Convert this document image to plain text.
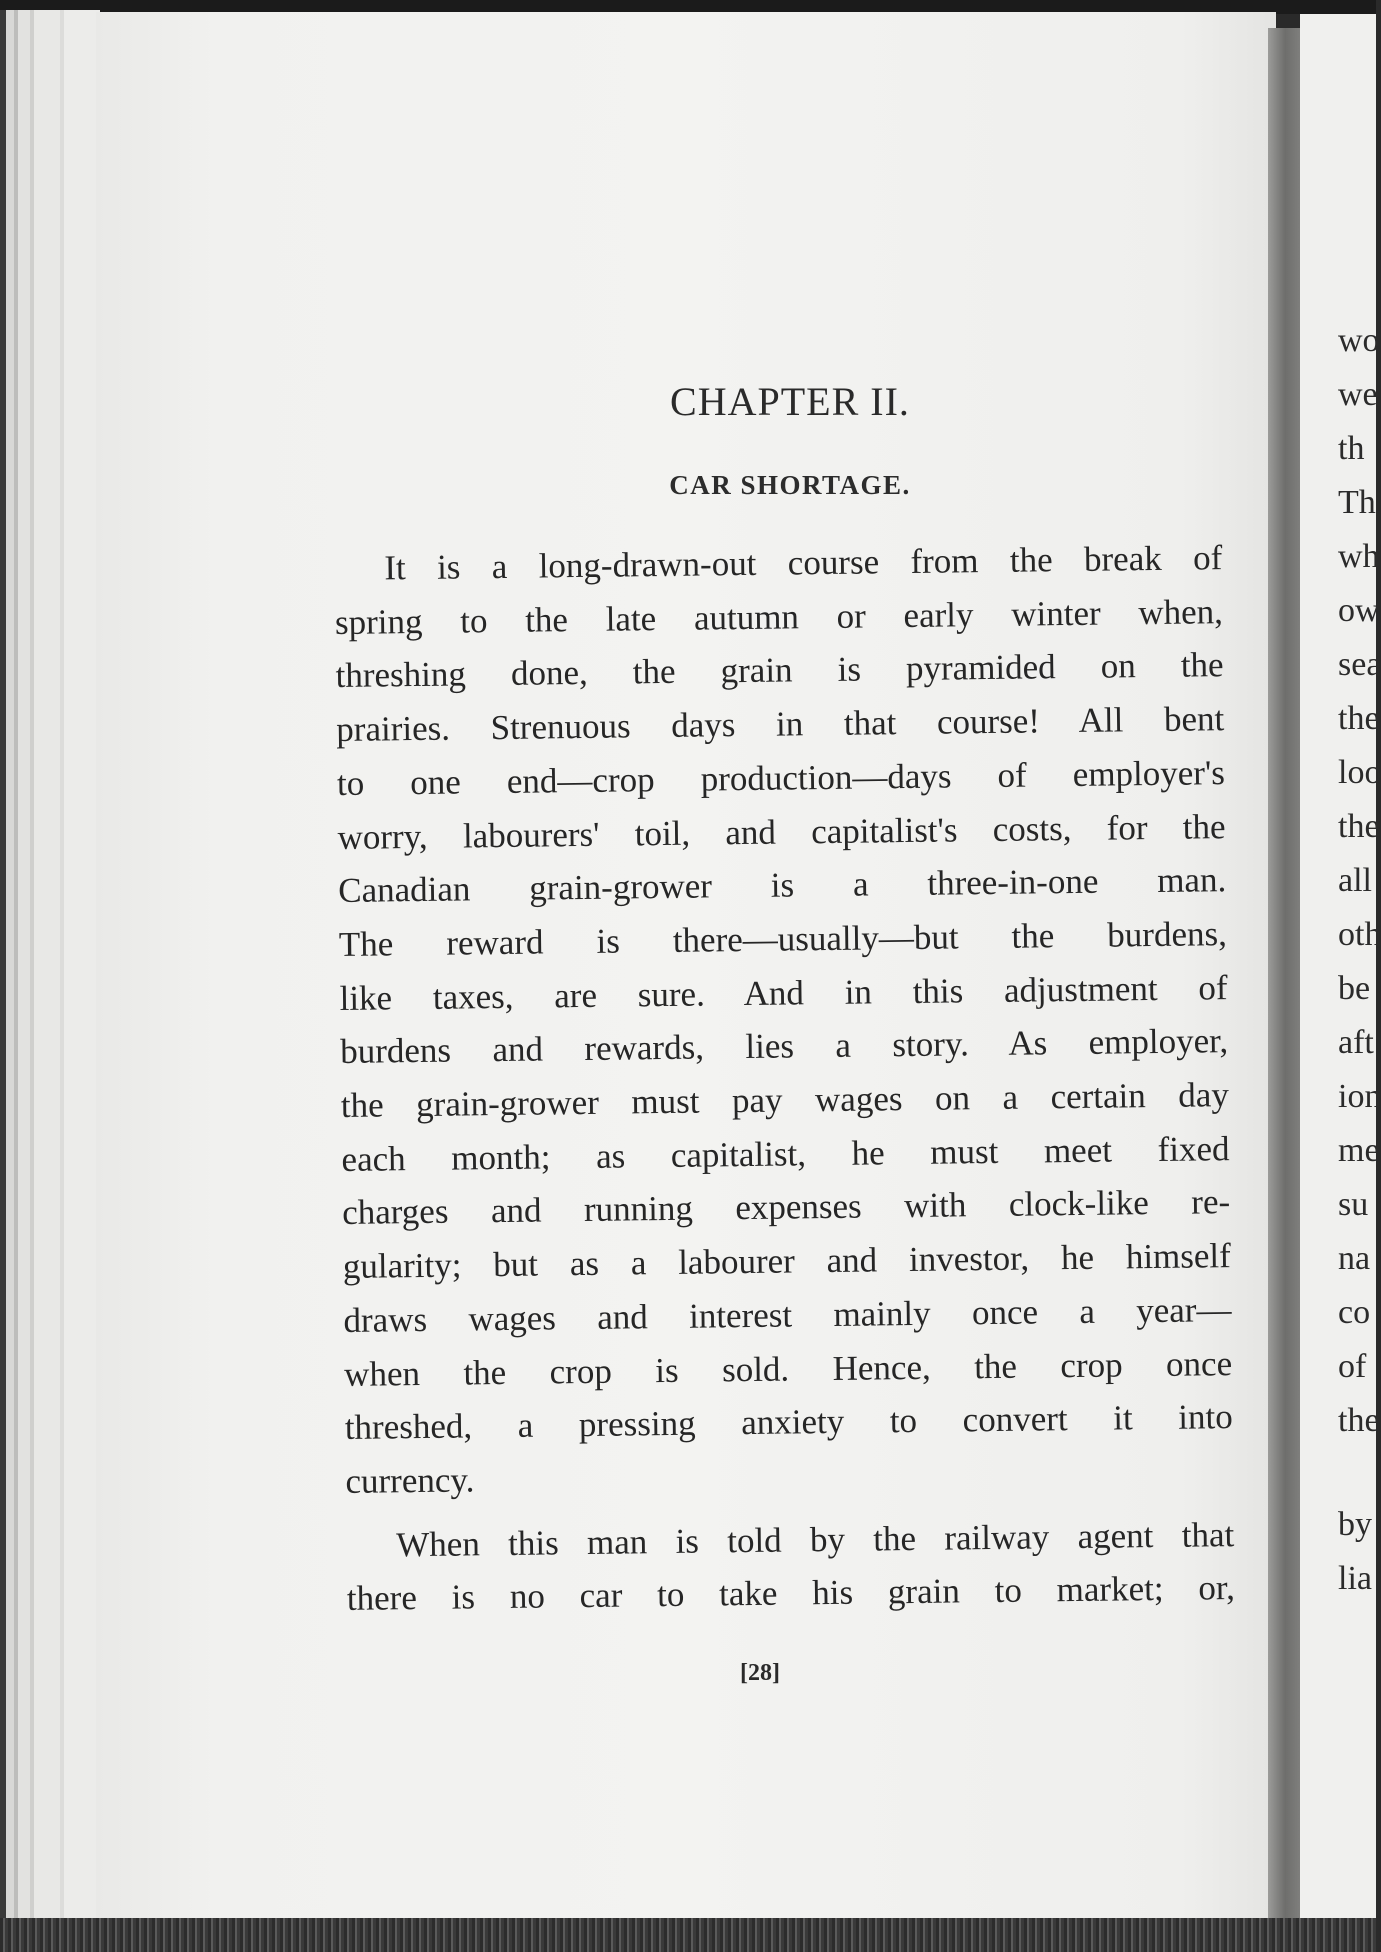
CHAPTER II.
CAR SHORTAGE.
It is a long-drawn-out course from the break of
spring to the late autumn or early winter when,
threshing done, the grain is pyramided on the
prairies. Strenuous days in that course! All bent
to one end—crop production—days of employer's
worry, labourers' toil, and capitalist's costs, for the
Canadian grain-grower is a three-in-one man.
The reward is there—usually—but the burdens,
like taxes, are sure. And in this adjustment of
burdens and rewards, lies a story. As employer,
the grain-grower must pay wages on a certain day
each month; as capitalist, he must meet fixed
charges and running expenses with clock-like re-
gularity; but as a labourer and investor, he himself
draws wages and interest mainly once a year—
when the crop is sold. Hence, the crop once
threshed, a pressing anxiety to convert it into
currency.
When this man is told by the railway agent that
there is no car to take his grain to market; or,
[28]
wo
we
th
Th
wh
ow
sea
the
loo
the
all
oth
be
aft
ion
me
su
na
co
of
the
by
lia
